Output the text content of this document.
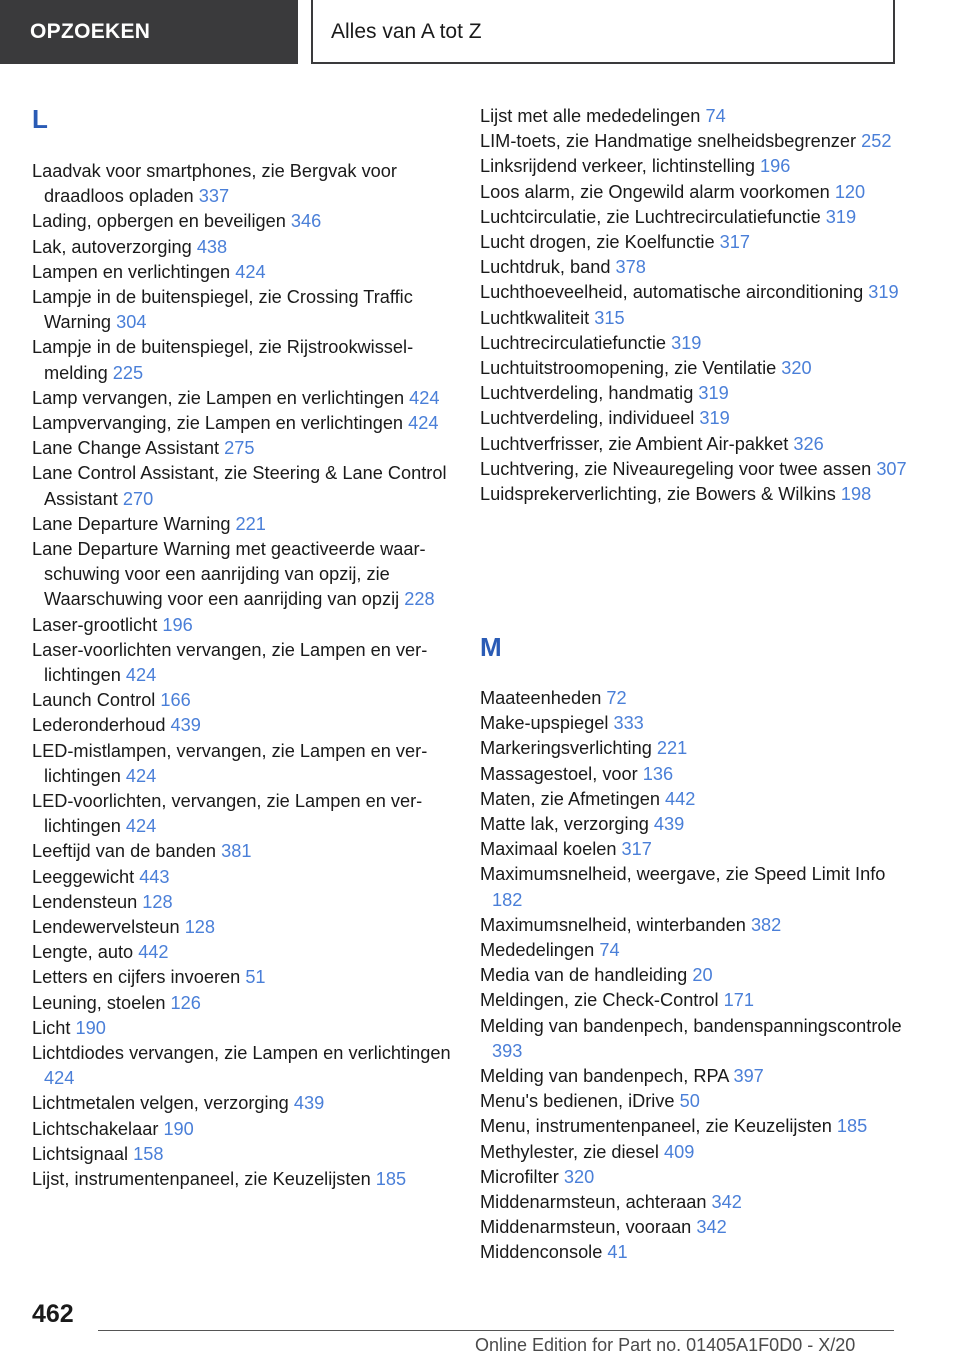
OPZOEKEN	Alles van A tot Z
L
Laadvak voor smartphones, zie Bergvak voor draadloos opladen 337
Lading, opbergen en beveiligen 346
Lak, autoverzorging 438
Lampen en verlichtingen 424
Lampje in de buitenspiegel, zie Crossing Traffic Warning 304
Lampje in de buitenspiegel, zie Rijstrookwisselmelding 225
Lamp vervangen, zie Lampen en verlichtingen 424
Lampvervanging, zie Lampen en verlichtingen 424
Lane Change Assistant 275
Lane Control Assistant, zie Steering & Lane Control Assistant 270
Lane Departure Warning 221
Lane Departure Warning met geactiveerde waarschuwing voor een aanrijding van opzij, zie Waarschuwing voor een aanrijding van opzij 228
Laser-grootlicht 196
Laser-voorlichten vervangen, zie Lampen en verlichtingen 424
Launch Control 166
Lederonderhoud 439
LED-mistlampen, vervangen, zie Lampen en verlichtingen 424
LED-voorlichten, vervangen, zie Lampen en verlichtingen 424
Leeftijd van de banden 381
Leeggewicht 443
Lendensteun 128
Lendewervelsteun 128
Lengte, auto 442
Letters en cijfers invoeren 51
Leuning, stoelen 126
Licht 190
Lichtdiodes vervangen, zie Lampen en verlichtingen 424
Lichtmetalen velgen, verzorging 439
Lichtschakelaar 190
Lichtsignaal 158
Lijst, instrumentenpaneel, zie Keuzelijsten 185
Lijst met alle mededelingen 74
LIM-toets, zie Handmatige snelheidsbegrenzer 252
Linksrijdend verkeer, lichtinstelling 196
Loos alarm, zie Ongewild alarm voorkomen 120
Luchtcirculatie, zie Luchtrecirculatiefunctie 319
Lucht drogen, zie Koelfunctie 317
Luchtdruk, band 378
Luchthoeveelheid, automatische airconditioning 319
Luchtkwaliteit 315
Luchtrecirculatiefunctie 319
Luchtuitstroomopening, zie Ventilatie 320
Luchtverdeling, handmatig 319
Luchtverdeling, individueel 319
Luchtverfrisser, zie Ambient Air-pakket 326
Luchtvering, zie Niveauregeling voor twee assen 307
Luidsprekerverlichting, zie Bowers & Wilkins 198
M
Maateenheden 72
Make-upspiegel 333
Markeringsverlichting 221
Massagestoel, voor 136
Maten, zie Afmetingen 442
Matte lak, verzorging 439
Maximaal koelen 317
Maximumsnelheid, weergave, zie Speed Limit Info 182
Maximumsnelheid, winterbanden 382
Mededelingen 74
Media van de handleiding 20
Meldingen, zie Check-Control 171
Melding van bandenpech, bandenspanningscontrole 393
Melding van bandenpech, RPA 397
Menu's bedienen, iDrive 50
Menu, instrumentenpaneel, zie Keuzelijsten 185
Methylester, zie diesel 409
Microfilter 320
Middenarmsteun, achteraan 342
Middenarmsteun, vooraan 342
Middenconsole 41
462
Online Edition for Part no. 01405A1F0D0 - X/20
